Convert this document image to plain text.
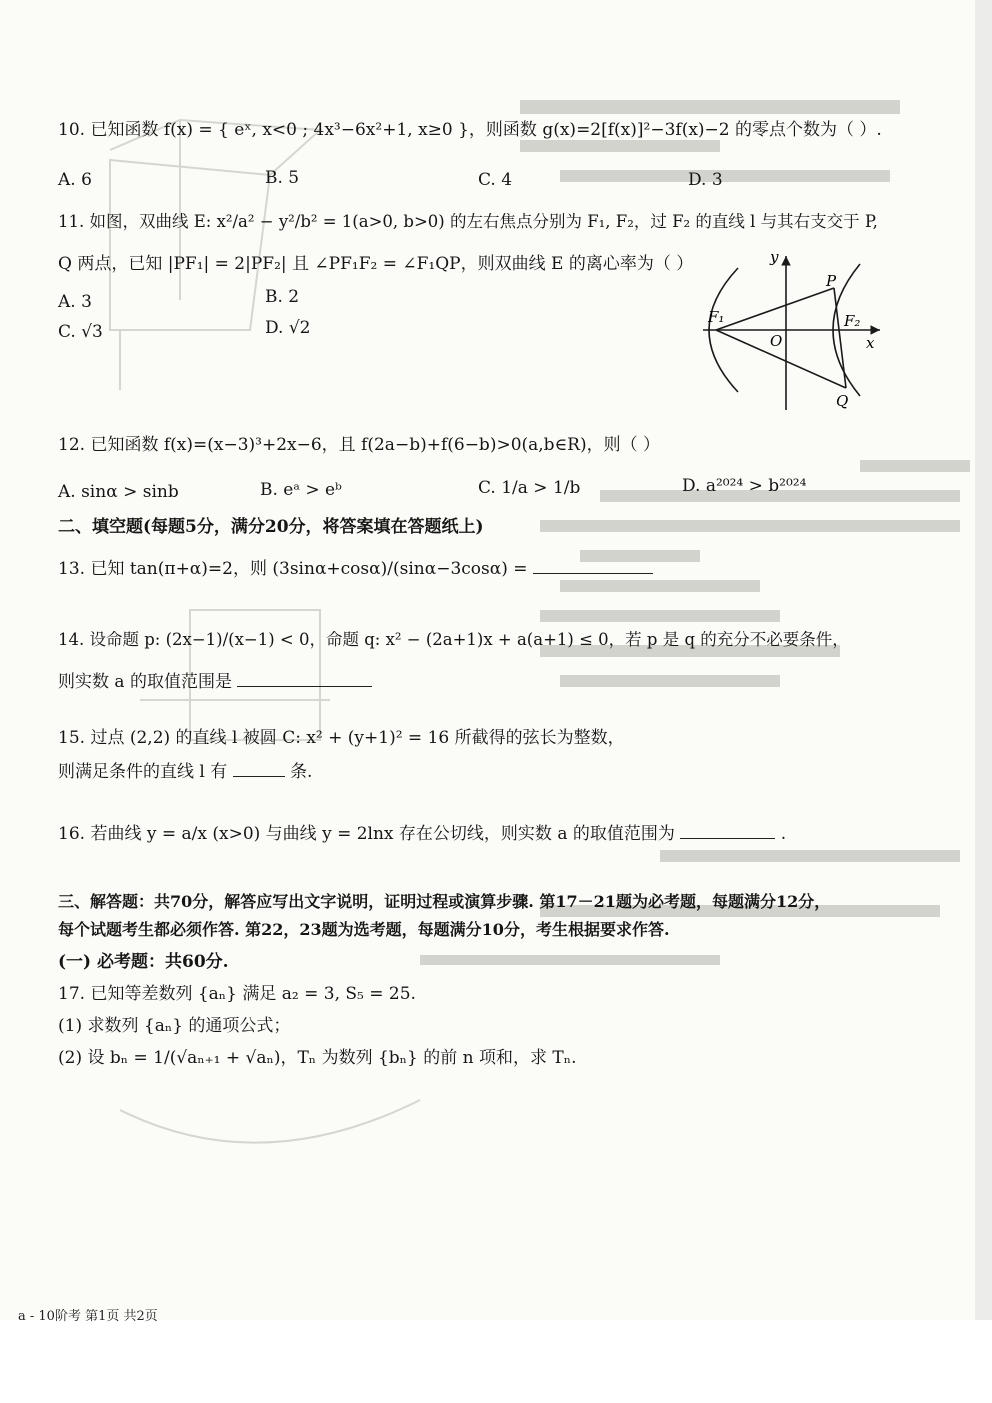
10. 已知函数 f(x) = { eˣ, x<0 ; 4x³−6x²+1, x≥0 }，则函数 g(x)=2[f(x)]²−3f(x)−2 的零点个数为（ ）.
A. 6	B. 5	C. 4	D. 3
11. 如图，双曲线 E: x²/a² − y²/b² = 1(a>0, b>0) 的左右焦点分别为 F₁, F₂，过 F₂ 的直线 l 与其右支交于 P,
Q 两点，已知 |PF₁| = 2|PF₂| 且 ∠PF₁F₂ = ∠F₁QP，则双曲线 E 的离心率为（ ）
A. 3	B. 2
C. √3	D. √2
y
x
P
F₁
O
F₂
Q
12. 已知函数 f(x)=(x−3)³+2x−6，且 f(2a−b)+f(6−b)>0(a,b∈R)，则（ ）
A. sinα > sinb	B. eᵃ > eᵇ	C. 1/a > 1/b	D. a²⁰²⁴ > b²⁰²⁴
二、填空题(每题5分，满分20分，将答案填在答题纸上)
13. 已知 tan(π+α)=2，则 (3sinα+cosα)/(sinα−3cosα) =
14. 设命题 p: (2x−1)/(x−1) < 0，命题 q: x² − (2a+1)x + a(a+1) ≤ 0，若 p 是 q 的充分不必要条件，
则实数 a 的取值范围是
15. 过点 (2,2) 的直线 l 被圆 C: x² + (y+1)² = 16 所截得的弦长为整数，
则满足条件的直线 l 有	条.
16. 若曲线 y = a/x (x>0) 与曲线 y = 2lnx 存在公切线，则实数 a 的取值范围为	.
三、解答题：共70分，解答应写出文字说明，证明过程或演算步骤. 第17－21题为必考题，每题满分12分，
每个试题考生都必须作答. 第22，23题为选考题，每题满分10分，考生根据要求作答.
(一) 必考题：共60分.
17. 已知等差数列 {aₙ} 满足 a₂ = 3, S₅ = 25.
(1) 求数列 {aₙ} 的通项公式；
(2) 设 bₙ = 1/(√aₙ₊₁ + √aₙ)，Tₙ 为数列 {bₙ} 的前 n 项和，求 Tₙ.
a - 10阶考 第1页 共2页
